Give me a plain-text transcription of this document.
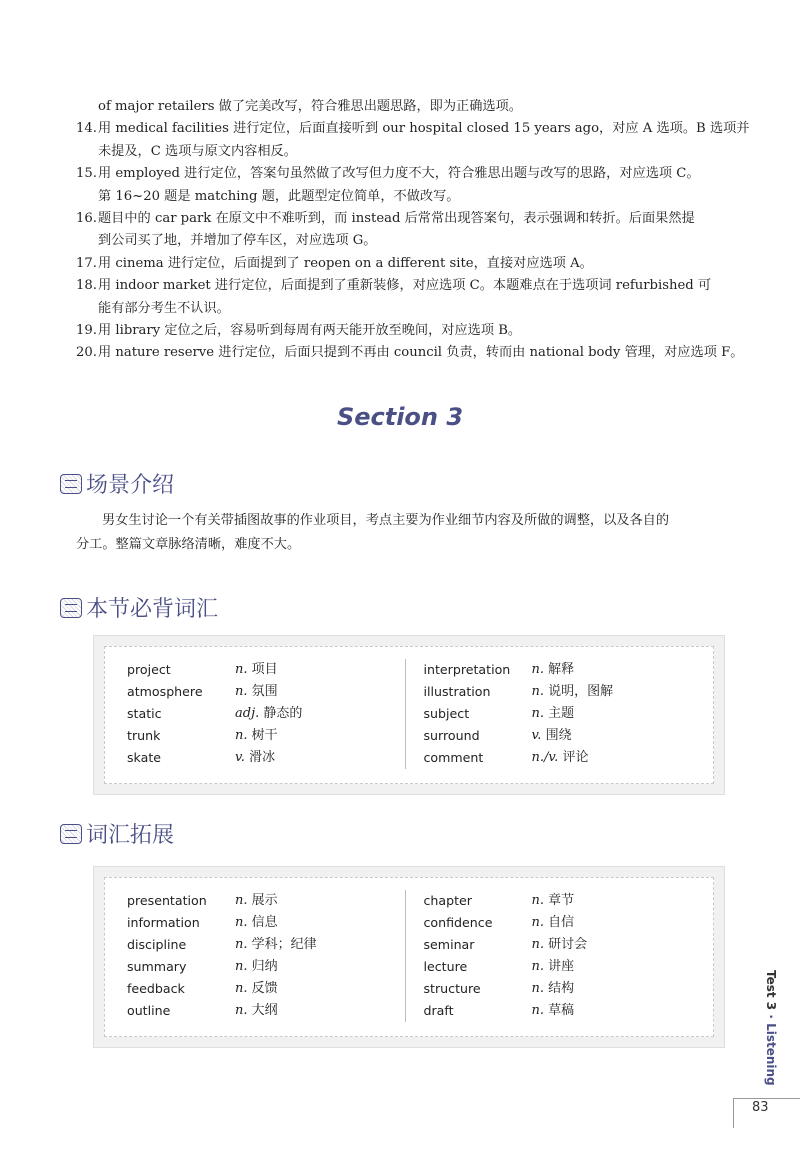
of major retailers 做了完美改写，符合雅思出题思路，即为正确选项。
14. 用 medical facilities 进行定位，后面直接听到 our hospital closed 15 years ago，对应 A 选项。B 选项并
未提及，C 选项与原文内容相反。
15. 用 employed 进行定位，答案句虽然做了改写但力度不大，符合雅思出题与改写的思路，对应选项 C。
第 16~20 题是 matching 题，此题型定位简单，不做改写。
16. 题目中的 car park 在原文中不难听到，而 instead 后常常出现答案句，表示强调和转折。后面果然提
到公司买了地，并增加了停车区，对应选项 G。
17. 用 cinema 进行定位，后面提到了 reopen on a different site，直接对应选项 A。
18. 用 indoor market 进行定位，后面提到了重新装修，对应选项 C。本题难点在于选项词 refurbished 可
能有部分考生不认识。
19. 用 library 定位之后，容易听到每周有两天能开放至晚间，对应选项 B。
20. 用 nature reserve 进行定位，后面只提到不再由 council 负责，转而由 national body 管理，对应选项 F。
Section 3
场景介绍
男女生讨论一个有关带插图故事的作业项目，考点主要为作业细节内容及所做的调整，以及各自的
分工。整篇文章脉络清晰，难度不大。
本节必背词汇
project	n. 项目
atmosphere	n. 氛围
static	adj. 静态的
trunk	n. 树干
skate	v. 滑冰
interpretation	n. 解释
illustration	n. 说明，图解
subject	n. 主题
surround	v. 围绕
comment	n./v. 评论
词汇拓展
presentation	n. 展示
information	n. 信息
discipline	n. 学科；纪律
summary	n. 归纳
feedback	n. 反馈
outline	n. 大纲
chapter	n. 章节
confidence	n. 自信
seminar	n. 研讨会
lecture	n. 讲座
structure	n. 结构
draft	n. 草稿
Test 3 · Listening
83
